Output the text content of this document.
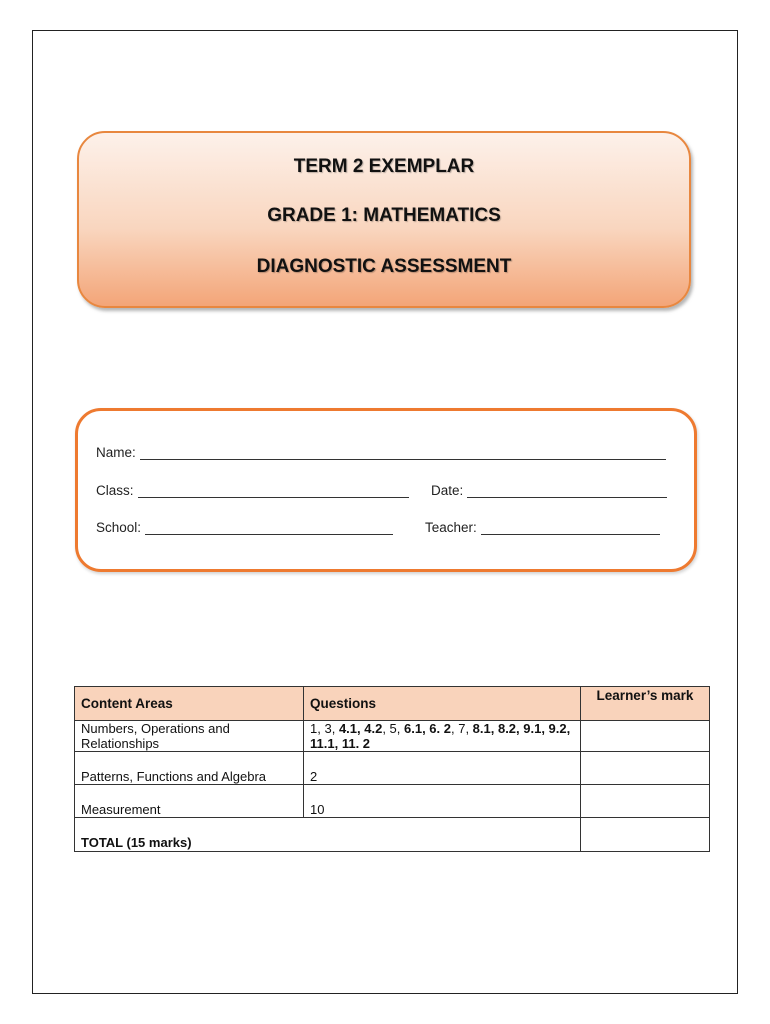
TERM 2 EXEMPLAR
GRADE 1: MATHEMATICS
DIAGNOSTIC ASSESSMENT
Name:
Class:	Date:
School:	Teacher:
Content Areas	Questions	Learner’s mark
Numbers, Operations and Relationships	1, 3, 4.1, 4.2, 5, 6.1, 6. 2, 7, 8.1, 8.2, 9.1, 9.2, 11.1, 11. 2	
Patterns, Functions and Algebra	2	
Measurement	10	
TOTAL (15 marks)		
